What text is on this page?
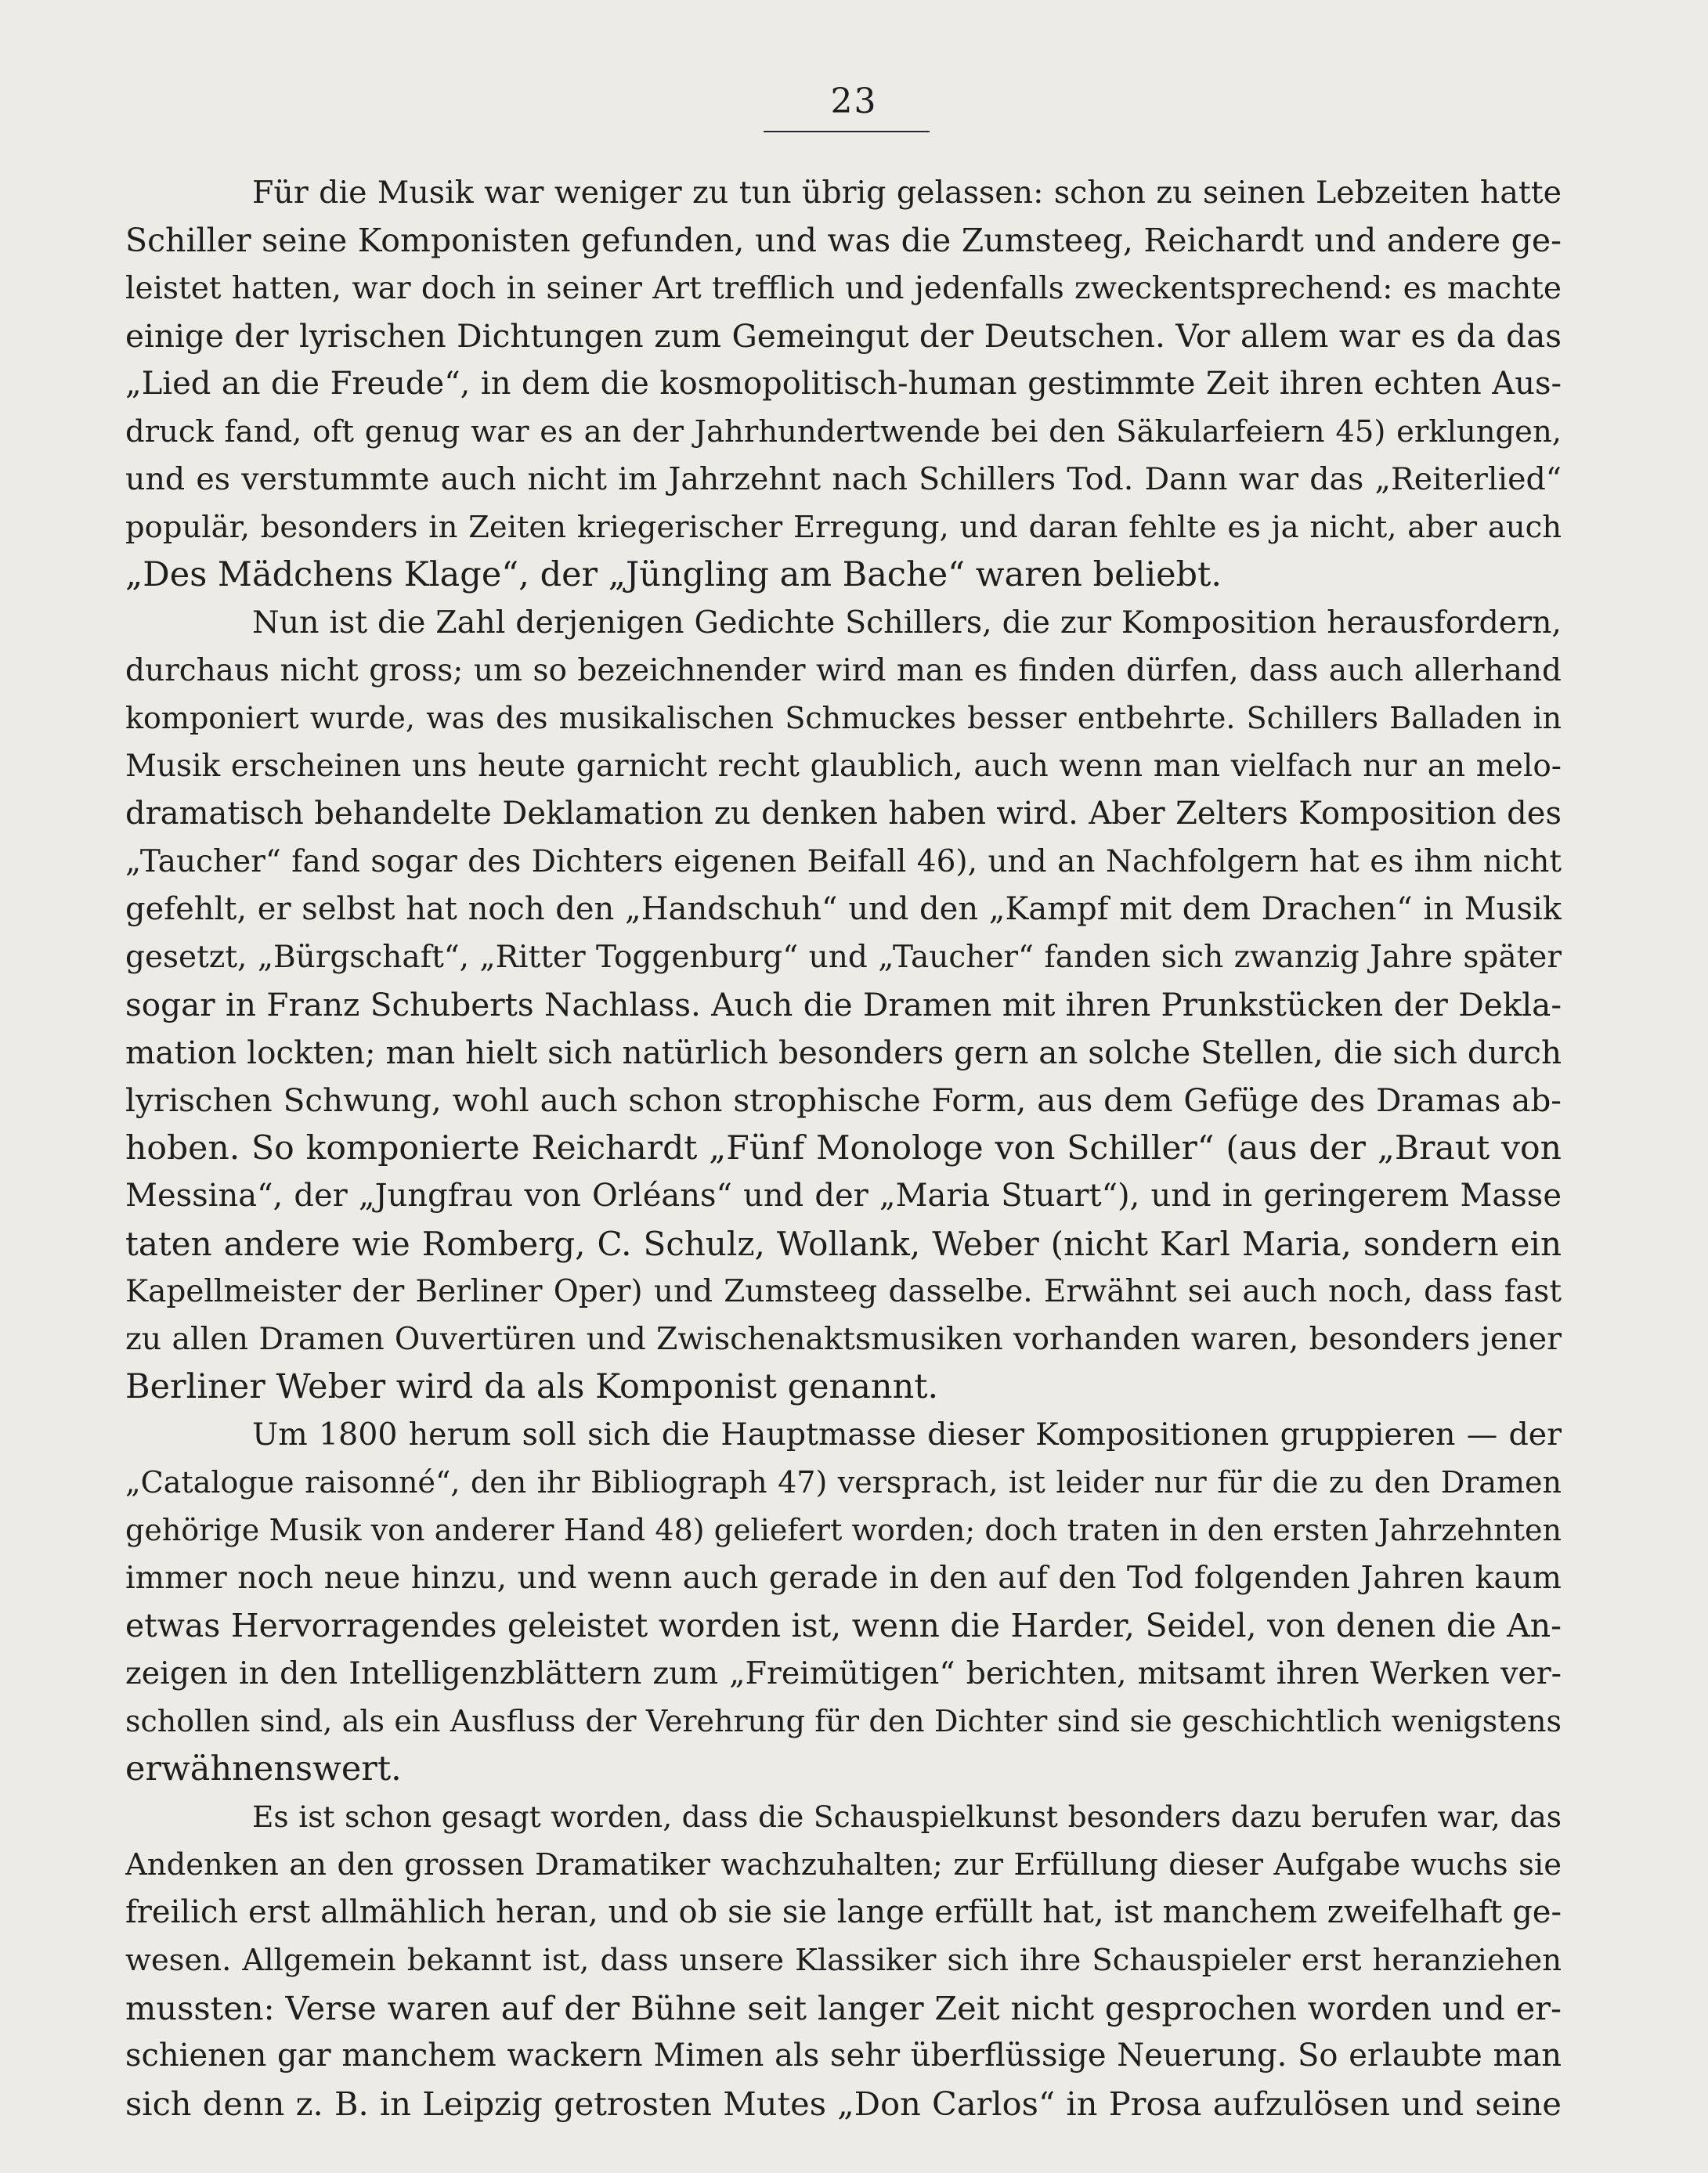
23
Für die Musik war weniger zu tun übrig gelassen: schon zu seinen Lebzeiten hatte
Schiller seine Komponisten gefunden, und was die Zumsteeg, Reichardt und andere ge-
leistet hatten, war doch in seiner Art trefflich und jedenfalls zweckentsprechend: es machte
einige der lyrischen Dichtungen zum Gemeingut der Deutschen. Vor allem war es da das
„Lied an die Freude“, in dem die kosmopolitisch-human gestimmte Zeit ihren echten Aus-
druck fand, oft genug war es an der Jahrhundertwende bei den Säkularfeiern 45) erklungen,
und es verstummte auch nicht im Jahrzehnt nach Schillers Tod. Dann war das „Reiterlied“
populär, besonders in Zeiten kriegerischer Erregung, und daran fehlte es ja nicht, aber auch
„Des Mädchens Klage“, der „Jüngling am Bache“ waren beliebt.
Nun ist die Zahl derjenigen Gedichte Schillers, die zur Komposition herausfordern,
durchaus nicht gross; um so bezeichnender wird man es finden dürfen, dass auch allerhand
komponiert wurde, was des musikalischen Schmuckes besser entbehrte. Schillers Balladen in
Musik erscheinen uns heute garnicht recht glaublich, auch wenn man vielfach nur an melo-
dramatisch behandelte Deklamation zu denken haben wird. Aber Zelters Komposition des
„Taucher“ fand sogar des Dichters eigenen Beifall 46), und an Nachfolgern hat es ihm nicht
gefehlt, er selbst hat noch den „Handschuh“ und den „Kampf mit dem Drachen“ in Musik
gesetzt, „Bürgschaft“, „Ritter Toggenburg“ und „Taucher“ fanden sich zwanzig Jahre später
sogar in Franz Schuberts Nachlass. Auch die Dramen mit ihren Prunkstücken der Dekla-
mation lockten; man hielt sich natürlich besonders gern an solche Stellen, die sich durch
lyrischen Schwung, wohl auch schon strophische Form, aus dem Gefüge des Dramas ab-
hoben. So komponierte Reichardt „Fünf Monologe von Schiller“ (aus der „Braut von
Messina“, der „Jungfrau von Orléans“ und der „Maria Stuart“), und in geringerem Masse
taten andere wie Romberg, C. Schulz, Wollank, Weber (nicht Karl Maria, sondern ein
Kapellmeister der Berliner Oper) und Zumsteeg dasselbe. Erwähnt sei auch noch, dass fast
zu allen Dramen Ouvertüren und Zwischenaktsmusiken vorhanden waren, besonders jener
Berliner Weber wird da als Komponist genannt.
Um 1800 herum soll sich die Hauptmasse dieser Kompositionen gruppieren — der
„Catalogue raisonné“, den ihr Bibliograph 47) versprach, ist leider nur für die zu den Dramen
gehörige Musik von anderer Hand 48) geliefert worden; doch traten in den ersten Jahrzehnten
immer noch neue hinzu, und wenn auch gerade in den auf den Tod folgenden Jahren kaum
etwas Hervorragendes geleistet worden ist, wenn die Harder, Seidel, von denen die An-
zeigen in den Intelligenzblättern zum „Freimütigen“ berichten, mitsamt ihren Werken ver-
schollen sind, als ein Ausfluss der Verehrung für den Dichter sind sie geschichtlich wenigstens
erwähnenswert.
Es ist schon gesagt worden, dass die Schauspielkunst besonders dazu berufen war, das
Andenken an den grossen Dramatiker wachzuhalten; zur Erfüllung dieser Aufgabe wuchs sie
freilich erst allmählich heran, und ob sie sie lange erfüllt hat, ist manchem zweifelhaft ge-
wesen. Allgemein bekannt ist, dass unsere Klassiker sich ihre Schauspieler erst heranziehen
mussten: Verse waren auf der Bühne seit langer Zeit nicht gesprochen worden und er-
schienen gar manchem wackern Mimen als sehr überflüssige Neuerung. So erlaubte man
sich denn z. B. in Leipzig getrosten Mutes „Don Carlos“ in Prosa aufzulösen und seine
